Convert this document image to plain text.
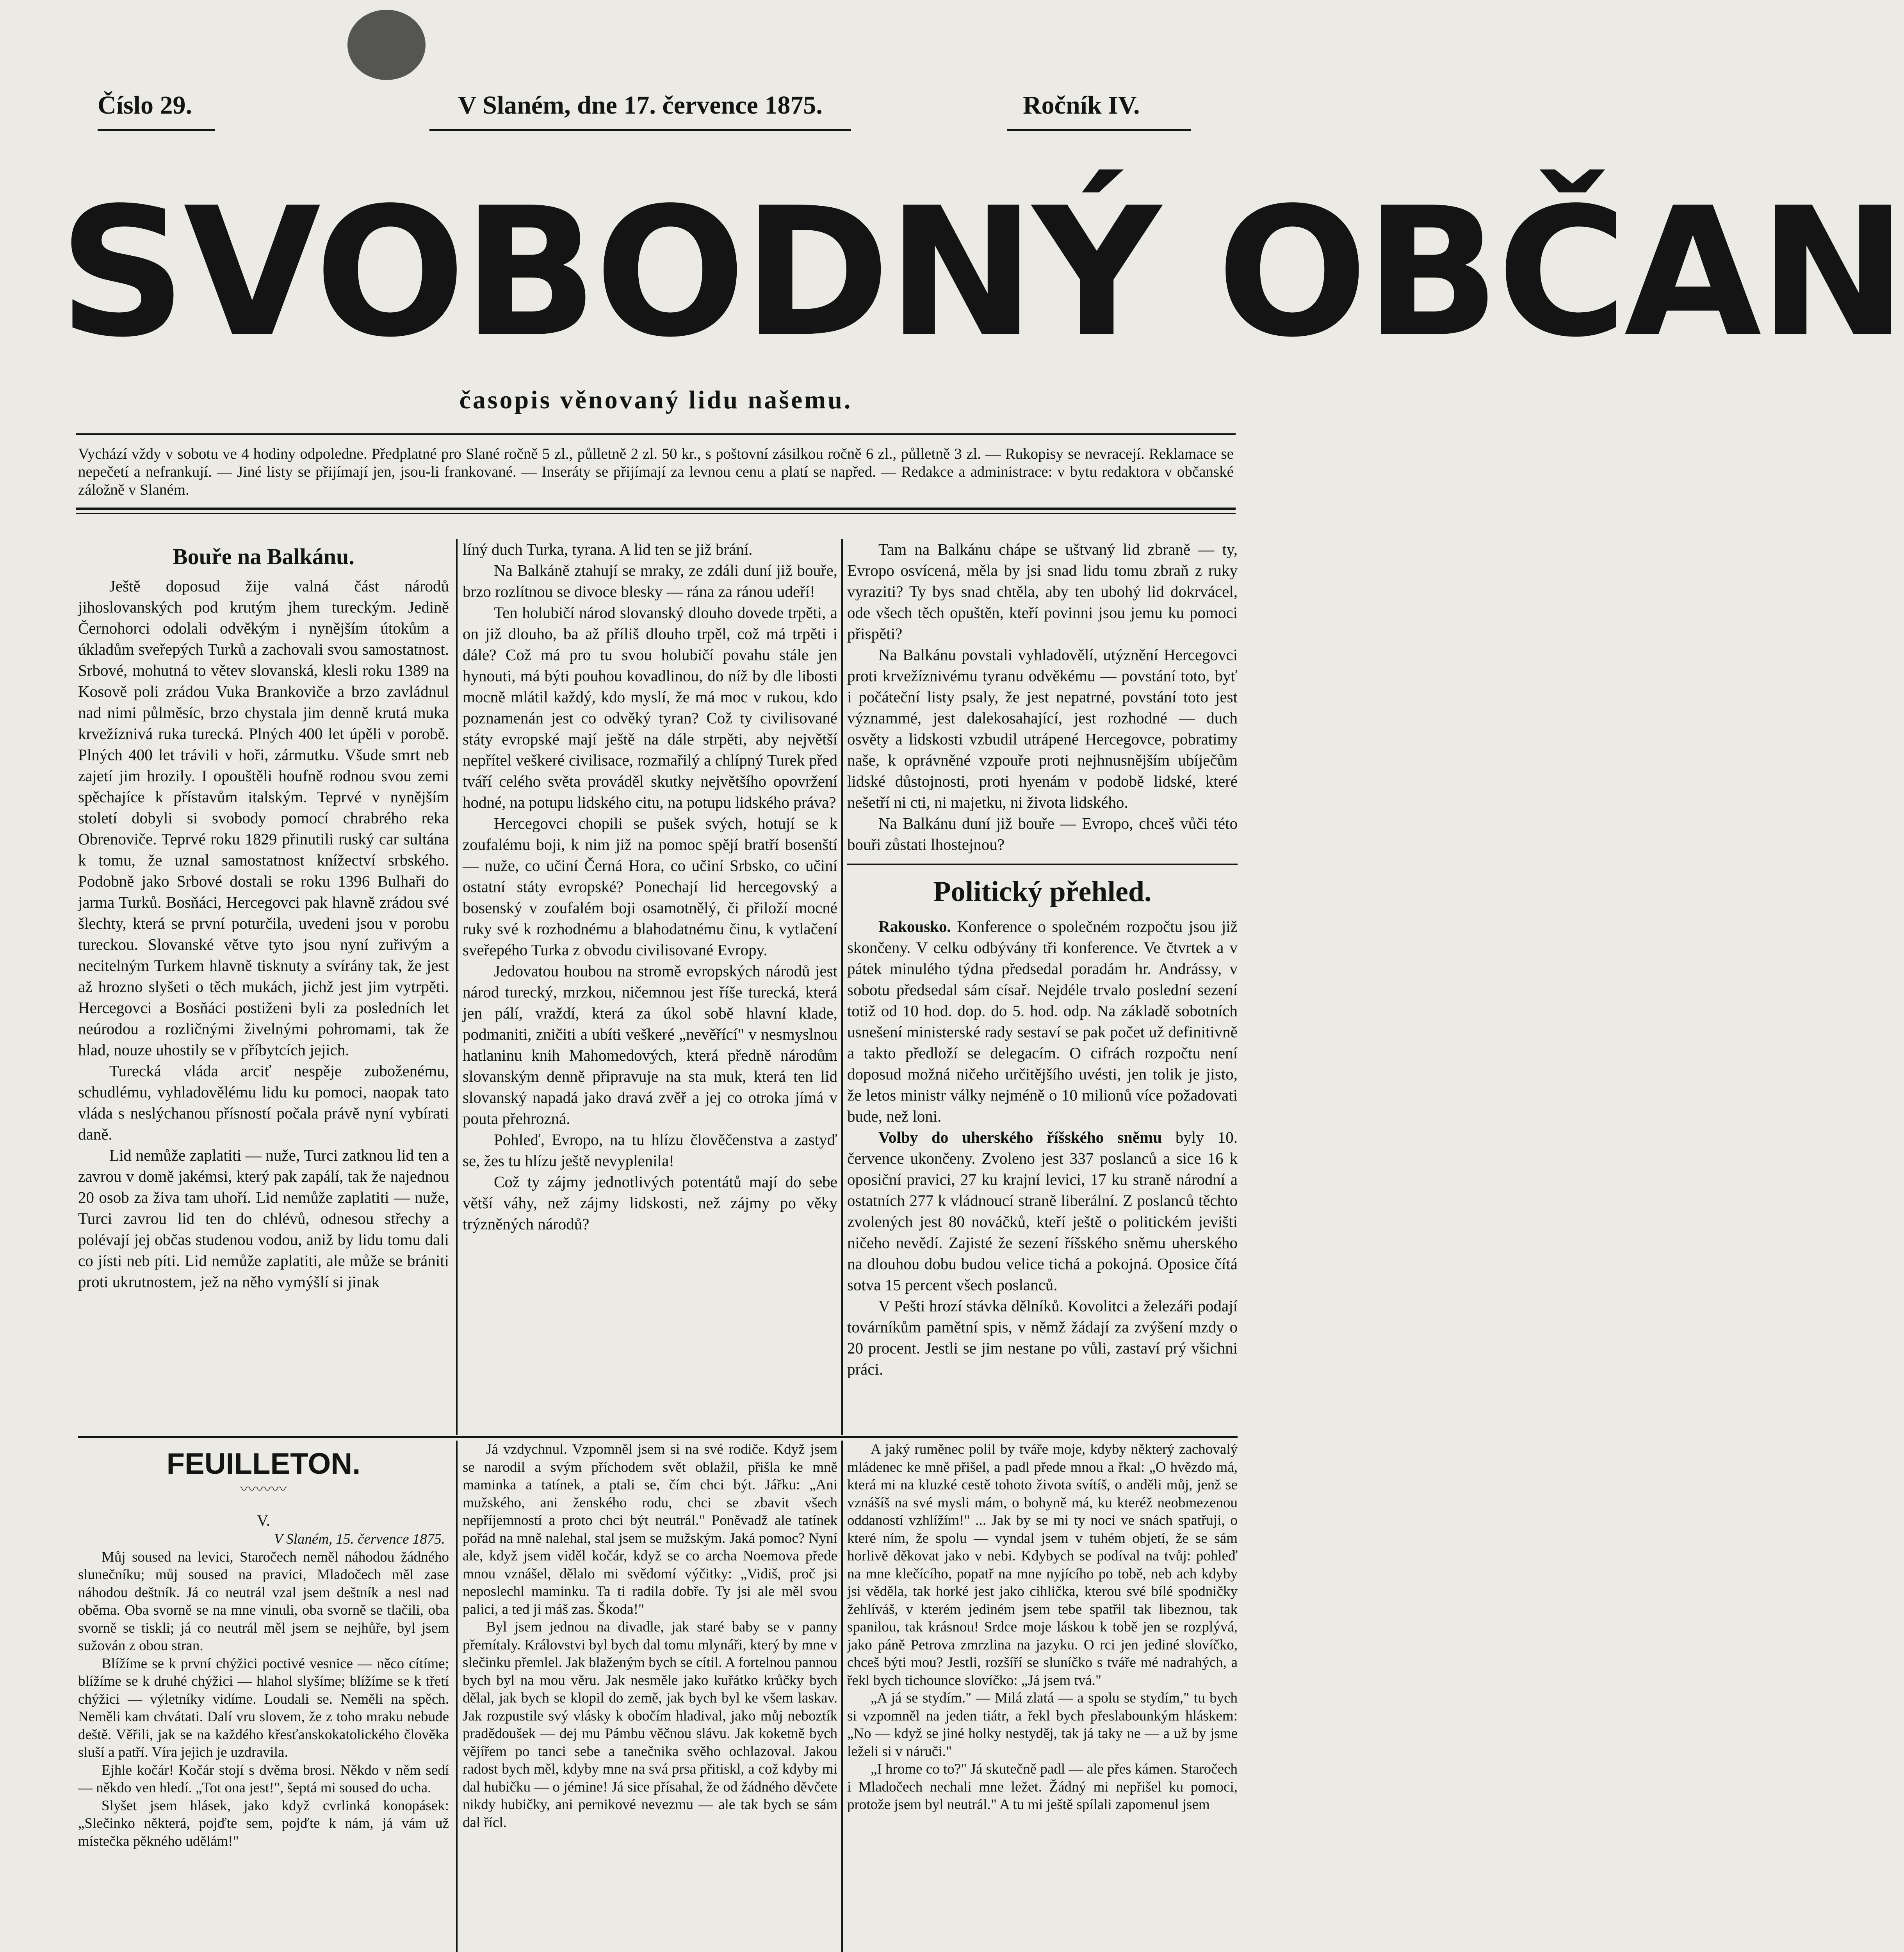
Číslo 29.	V Slaném, dne 17. července 1875.	Ročník IV.
SVOBODNÝ OBČAN
časopis věnovaný lidu našemu.
Vychází vždy v sobotu ve 4 hodiny odpoledne. Předplatné pro Slané ročně 5 zl., půlletně 2 zl. 50 kr., s poštovní zásilkou ročně 6 zl., půlletně 3 zl. — Rukopisy se nevracejí. Reklamace se nepečetí a nefrankují. — Jiné listy se přijímají jen, jsou-li frankované. — Inseráty se přijímají za levnou cenu a platí se napřed. — Redakce a administrace: v bytu redaktora v občanské záložně v Slaném.
Bouře na Balkánu.

Ještě doposud žije valná část národů jihoslovanských pod krutým jhem tureckým. Jedině Černohorci odolali odvěkým i nynějším útokům a úkladům sveřepých Turků a zachovali svou samostatnost. Srbové, mohutná to větev slovanská, klesli roku 1389 na Kosově poli zrádou Vuka Brankoviče a brzo zavládnul nad nimi půlměsíc, brzo chystala jim denně krutá muka krvežíznivá ruka turecká. Plných 400 let úpěli v porobě. Plných 400 let trávili v hoři, zármutku. Všude smrt neb zajetí jim hrozily. I opouštěli houfně rodnou svou zemi spěchajíce k přístavům italským. Teprvé v nynějším století dobyli si svobody pomocí chrabrého reka Obrenoviče. Teprvé roku 1829 přinutili ruský car sultána k tomu, že uznal samostatnost knížectví srbského. Podobně jako Srbové dostali se roku 1396 Bulhaři do jarma Turků. Bosňáci, Hercegovci pak hlavně zrádou své šlechty, která se první poturčila, uvedeni jsou v porobu tureckou. Slovanské větve tyto jsou nyní zuřivým a necitelným Turkem hlavně tisknuty a svírány tak, že jest až hrozno slyšeti o těch mukách, jichž jest jim vytrpěti. Hercegovci a Bosňáci postiženi byli za posledních let neúrodou a rozličnými živelnými pohromami, tak že hlad, nouze uhostily se v příbytcích jejich.

Turecká vláda arciť nespěje zuboženému, schudlému, vyhladovělému lidu ku pomoci, naopak tato vláda s neslýchanou přísností počala právě nyní vybírati daně.

Lid nemůže zaplatiti — nuže, Turci zatknou lid ten a zavrou v domě jakémsi, který pak zapálí, tak že najednou 20 osob za živa tam uhoří. Lid nemůže zaplatiti — nuže, Turci zavrou lid ten do chlévů, odnesou střechy a polévají jej občas studenou vodou, aniž by lidu tomu dali co jísti neb píti. Lid nemůže zaplatiti, ale může se brániti proti ukrutnostem, jež na něho vymýšlí si jinak

líný duch Turka, tyrana. A lid ten se již brání.

Na Balkáně ztahují se mraky, ze zdáli duní již bouře, brzo rozlítnou se divoce blesky — rána za ránou udeří!

Ten holubičí národ slovanský dlouho dovede trpěti, a on již dlouho, ba až příliš dlouho trpěl, což má trpěti i dále? Což má pro tu svou holubičí povahu stále jen hynouti, má býti pouhou kovadlinou, do níž by dle libosti mocně mlátil každý, kdo myslí, že má moc v rukou, kdo poznamenán jest co odvěký tyran? Což ty civilisované státy evropské mají ještě na dále strpěti, aby největší nepřítel veškeré civilisace, rozmařilý a chlípný Turek před tváří celého světa prováděl skutky největšího opovržení hodné, na potupu lidského citu, na potupu lidského práva?

Hercegovci chopili se pušek svých, hotují se k zoufalému boji, k nim již na pomoc spějí bratří bosenští — nuže, co učiní Černá Hora, co učiní Srbsko, co učiní ostatní státy evropské? Ponechají lid hercegovský a bosenský v zoufalém boji osamotnělý, či přiloží mocné ruky své k rozhodnému a blahodatnému činu, k vytlačení sveřepého Turka z obvodu civilisované Evropy.

Jedovatou houbou na stromě evropských národů jest národ turecký, mrzkou, ničemnou jest říše turecká, která jen pálí, vraždí, která za úkol sobě hlavní klade, podmaniti, zničiti a ubíti veškeré „nevěřící" v nesmyslnou hatlaninu knih Mahomedových, která předně národům slovanským denně připravuje na sta muk, která ten lid slovanský napadá jako dravá zvěř a jej co otroka jímá v pouta přehrozná.

Pohleď, Evropo, na tu hlízu člověčenstva a zastyď se, žes tu hlízu ještě nevyplenila!

Což ty zájmy jednotlivých potentátů mají do sebe větší váhy, než zájmy lidskosti, než zájmy po věky trýzněných národů?

Tam na Balkánu chápe se uštvaný lid zbraně — ty, Evropo osvícená, měla by jsi snad lidu tomu zbraň z ruky vyraziti? Ty bys snad chtěla, aby ten ubohý lid dokrvácel, ode všech těch opuštěn, kteří povinni jsou jemu ku pomoci přispěti?

Na Balkánu povstali vyhladovělí, utýznění Hercegovci proti krvežíznivému tyranu odvěkému — povstání toto, byť i počáteční listy psaly, že jest nepatrné, povstání toto jest význammé, jest dalekosahající, jest rozhodné — duch osvěty a lidskosti vzbudil utrápené Hercegovce, pobratimy naše, k oprávněné vzpouře proti nejhnusnějším ubíječům lidské důstojnosti, proti hyenám v podobě lidské, které nešetří ni cti, ni majetku, ni života lidského.

Na Balkánu duní již bouře — Evropo, chceš vůči této bouři zůstati lhostejnou?

Politický přehled.

Rakousko. Konference o společném rozpočtu jsou již skončeny. V celku odbývány tři konference. Ve čtvrtek a v pátek minulého týdna předsedal poradám hr. Andrássy, v sobotu předsedal sám císař. Nejdéle trvalo poslední sezení totiž od 10 hod. dop. do 5. hod. odp. Na základě sobotních usnešení ministerské rady sestaví se pak počet už definitivně a takto předloží se delegacím. O cifrách rozpočtu není doposud možná ničeho určitějšího uvésti, jen tolik je jisto, že letos ministr války nejméně o 10 milionů více požadovati bude, než loni.

Volby do uherského říšského sněmu byly 10. července ukončeny. Zvoleno jest 337 poslanců a sice 16 k oposiční pravici, 27 ku krajní levici, 17 ku straně národní a ostatních 277 k vládnoucí straně liberální. Z poslanců těchto zvolených jest 80 nováčků, kteří ještě o politickém jevišti ničeho nevědí. Zajisté že sezení říšského sněmu uherského na dlouhou dobu budou velice tichá a pokojná. Oposice čítá sotva 15 percent všech poslanců.

V Pešti hrozí stávka dělníků. Kovolitci a železáři podají továrníkům pamětní spis, v němž žádají za zvýšení mzdy o 20 procent. Jestli se jim nestane po vůli, zastaví prý všichni práci.

FEUILLETON.
〰〰〰
V.
V Slaném, 15. července 1875.

Můj soused na levici, Staročech neměl náhodou žádného slunečníku; můj soused na pravici, Mladočech měl zase náhodou deštník. Já co neutrál vzal jsem deštník a nesl nad oběma. Oba svorně se na mne vinuli, oba svorně se tlačili, oba svorně se tiskli; já co neutrál měl jsem se nejhůře, byl jsem sužován z obou stran.

Blížíme se k první chýžici poctivé vesnice — něco cítíme; blížíme se k druhé chýžici — hlahol slyšíme; blížíme se k třetí chýžici — výletníky vidíme. Loudali se. Neměli na spěch. Neměli kam chvátati. Dalí vru slovem, že z toho mraku nebude deště. Věřili, jak se na každého křesťanskokatolického člověka sluší a patří. Víra jejich je uzdravila.

Ejhle kočár! Kočár stojí s dvěma brosi. Někdo v něm sedí — někdo ven hledí. „Tot ona jest!", šeptá mi soused do ucha.

Slyšet jsem hlásek, jako když cvrlinká konopásek: „Slečinko některá, pojďte sem, pojďte k nám, já vám už místečka pěkného udělám!"

Já vzdychnul. Vzpomněl jsem si na své rodiče. Když jsem se narodil a svým příchodem svět oblažil, přišla ke mně maminka a tatínek, a ptali se, čím chci být. Jářku: „Ani mužského, ani ženského rodu, chci se zbavit všech nepříjemností a proto chci být neutrál." Poněvadž ale tatínek pořád na mně nalehal, stal jsem se mužským. Jaká pomoc? Nyní ale, když jsem viděl kočár, když se co archa Noemova přede mnou vznášel, dělalo mi svědomí výčitky: „Vidiš, proč jsi neposlechl maminku. Ta ti radila dobře. Ty jsi ale měl svou palici, a ted ji máš zas. Škoda!"

Byl jsem jednou na divadle, jak staré baby se v panny přemítaly. Královstvi byl bych dal tomu mlynáři, který by mne v slečinku přemlel. Jak blaženým bych se cítil. A fortelnou pannou bych byl na mou věru. Jak nesměle jako kuřátko krůčky bych dělal, jak bych se klopil do země, jak bych byl ke všem laskav. Jak rozpustile svý vlásky k obočím hladival, jako můj neboztík pradědoušek — dej mu Pámbu věčnou slávu. Jak koketně bych vějířem po tanci sebe a tanečnika svěho ochlazoval. Jakou radost bych měl, kdyby mne na svá prsa přitiskl, a což kdyby mi dal hubičku — o jémine! Já sice přísahal, že od žádného děvčete nikdy hubičky, ani pernikové nevezmu — ale tak bych se sám dal řícl.

A jaký ruměnec polil by tváře moje, kdyby některý zachovalý mládenec ke mně přišel, a padl přede mnou a řkal: „O hvězdo má, která mi na kluzké cestě tohoto života svítíš, o anděli můj, jenž se vznášíš na své mysli mám, o bohyně má, ku kteréž neobmezenou oddaností vzhlížím!" ... Jak by se mi ty noci ve snách spatřuji, o které ním, že spolu — vyndal jsem v tuhém objetí, že se sám horlivě děkovat jako v nebi. Kdybych se podíval na tvůj: pohleď na mne klečícího, popatř na mne nyjícího po tobě, neb ach kdyby jsi věděla, tak horké jest jako cihlička, kterou své bílé spodničky žehlíváš, v kterém jediném jsem tebe spatřil tak libeznou, tak spanilou, tak krásnou! Srdce moje láskou k tobě jen se rozplývá, jako páně Petrova zmrzlina na jazyku. O rci jen jediné slovíčko, chceš býti mou? Jestli, rozšíří se sluníčko s tváře mé nadrahých, a řekl bych tichounce slovíčko: „Já jsem tvá."

„A já se stydím." — Milá zlatá — a spolu se stydím," tu bych si vzpomněl na jeden tiátr, a řekl bych přeslabounkým hláskem: „No — když se jiné holky nestyděj, tak já taky ne — a už by jsme leželi si v náruči."

„I hrome co to?" Já skutečně padl — ale přes kámen. Staročech i Mladočech nechali mne ležet. Žádný mi nepřišel ku pomoci, protože jsem byl neutrál." A tu mi ještě spílali zapomenul jsem
